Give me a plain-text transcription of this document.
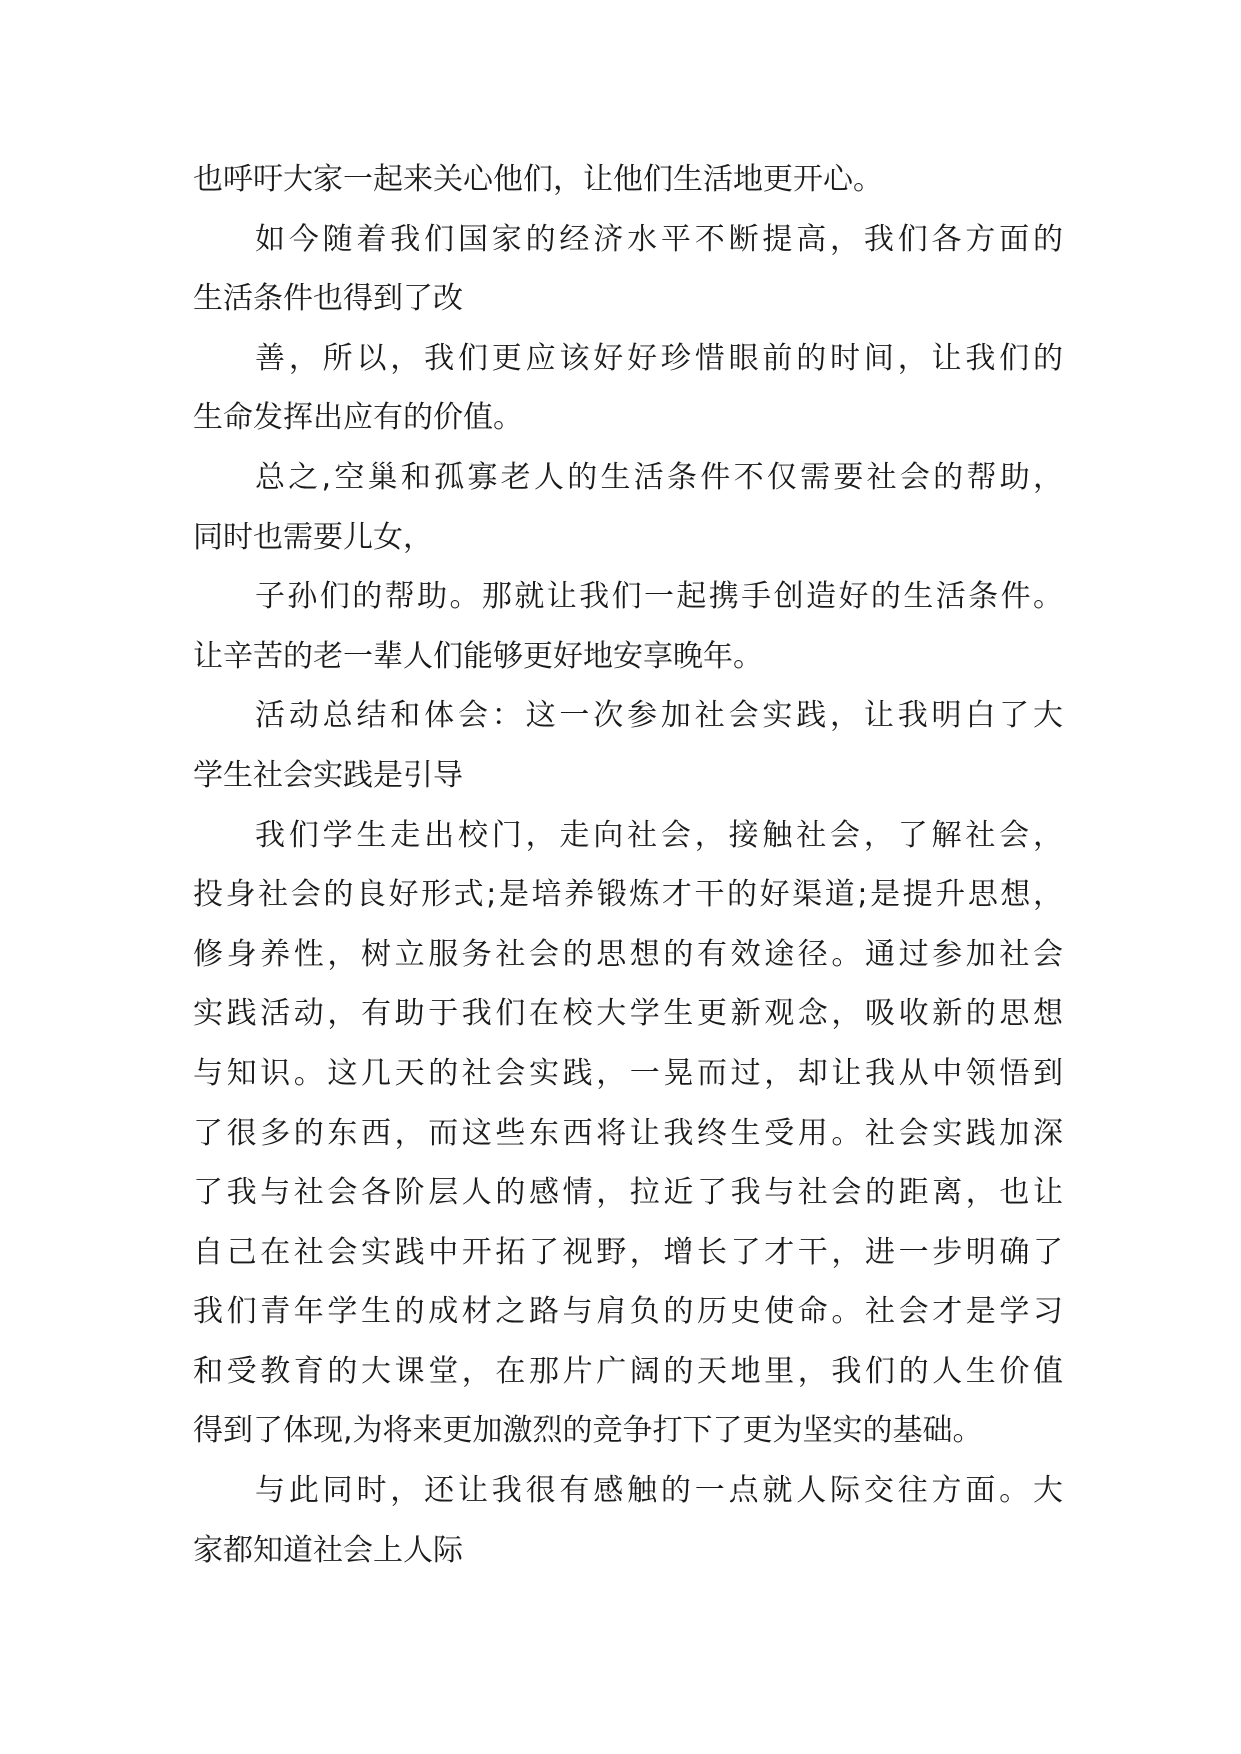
也呼吁大家一起来关心他们，让他们生活地更开心。
如今随着我们国家的经济水平不断提高，我们各方面的
生活条件也得到了改
善，所以，我们更应该好好珍惜眼前的时间，让我们的
生命发挥出应有的价值。
总之,空巢和孤寡老人的生活条件不仅需要社会的帮助，
同时也需要儿女，
子孙们的帮助。那就让我们一起携手创造好的生活条件。
让辛苦的老一辈人们能够更好地安享晚年。
活动总结和体会：这一次参加社会实践，让我明白了大
学生社会实践是引导
我们学生走出校门，走向社会，接触社会，了解社会，
投身社会的良好形式;是培养锻炼才干的好渠道;是提升思想，
修身养性，树立服务社会的思想的有效途径。通过参加社会
实践活动，有助于我们在校大学生更新观念，吸收新的思想
与知识。这几天的社会实践，一晃而过，却让我从中领悟到
了很多的东西，而这些东西将让我终生受用。社会实践加深
了我与社会各阶层人的感情，拉近了我与社会的距离，也让
自己在社会实践中开拓了视野，增长了才干，进一步明确了
我们青年学生的成材之路与肩负的历史使命。社会才是学习
和受教育的大课堂，在那片广阔的天地里，我们的人生价值
得到了体现,为将来更加激烈的竞争打下了更为坚实的基础。
与此同时，还让我很有感触的一点就人际交往方面。大
家都知道社会上人际
